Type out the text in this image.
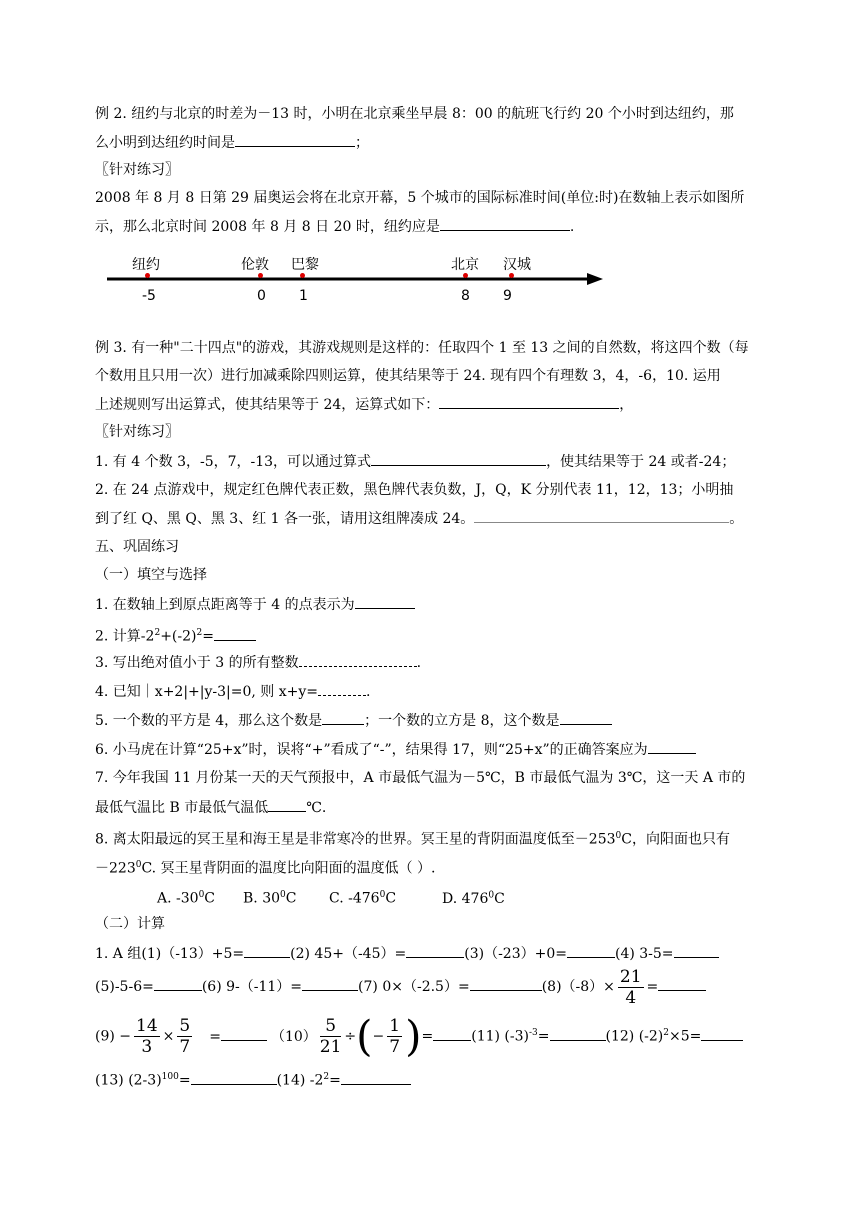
例 2. 纽约与北京的时差为－13 时，小明在北京乘坐早晨 8：00 的航班飞行约 20 个小时到达纽约，那
么小明到达纽约时间是	；
〖针对练习〗
2008 年 8 月 8 日第 29 届奥运会将在北京开幕，5 个城市的国际标准时间(单位:时)在数轴上表示如图所
示，那么北京时间 2008 年 8 月 8 日 20 时，纽约应是	.
纽约	伦敦 巴黎	北京 汉城
-5	0 1	8 9
例 3. 有一种"二十四点"的游戏，其游戏规则是这样的：任取四个 1 至 13 之间的自然数，将这四个数（每
个数用且只用一次）进行加减乘除四则运算，使其结果等于 24. 现有四个有理数 3，4，-6，10. 运用
上述规则写出运算式，使其结果等于 24，运算式如下：	，
〖针对练习〗
1. 有 4 个数 3，-5，7，-13，可以通过算式	，使其结果等于 24 或者-24；
2. 在 24 点游戏中，规定红色牌代表正数，黑色牌代表负数，J，Q，K 分别代表 11，12，13；小明抽
到了红 Q、黑 Q、黑 3、红 1 各一张，请用这组牌凑成 24。	。
五、巩固练习
（一）填空与选择
1. 在数轴上到原点距离等于 4 的点表示为
2. 计算$-2^2+(-2)^2=$
3. 写出绝对值小于 3 的所有整数	.
4. 已知｜x+2|+|y-3|=0, 则 x+y=	.
5. 一个数的平方是 4，那么这个数是	；一个数的立方是 8，这个数是
6. 小马虎在计算“25+x”时，误将“+”看成了“-”，结果得 17，则“25+x”的正确答案应为
7. 今年我国 11 月份某一天的天气预报中，A 市最低气温为－5℃，B 市最低气温为 3℃，这一天 A 市的
最低气温比 B 市最低气温低	℃.
8. 离太阳最远的冥王星和海王星是非常寒冷的世界。冥王星的背阴面温度低至$-253^0C$，向阳面也只有
$-223^0C$. 冥王星背阴面的温度比向阳面的温度低（ ）.
A. $-30^0C$ B. $30^0C$ C. $-476^0C$	D. $476^0C$
（二）计算
1. A 组(1)（-13）+5=	(2) 45+（-45）=	(3)（-23）+0=	(4) 3-5=
(5)-5-6=	(6) 9-（-11）=	(7) 0×（-2.5）=	$(8)(-8)\times \frac{21}{4}$ =
$(9) - \frac{14}{3} \times \frac{5}{7}$ =	$(10) \frac{5}{21}$ ÷(− $\frac{1}{7}$ )=	(11) $(-3)^{-3}=$	(12) $(-2)^2\times 5=$
(13) $(2-3)^{100}=$	(14) $-2^2=$
